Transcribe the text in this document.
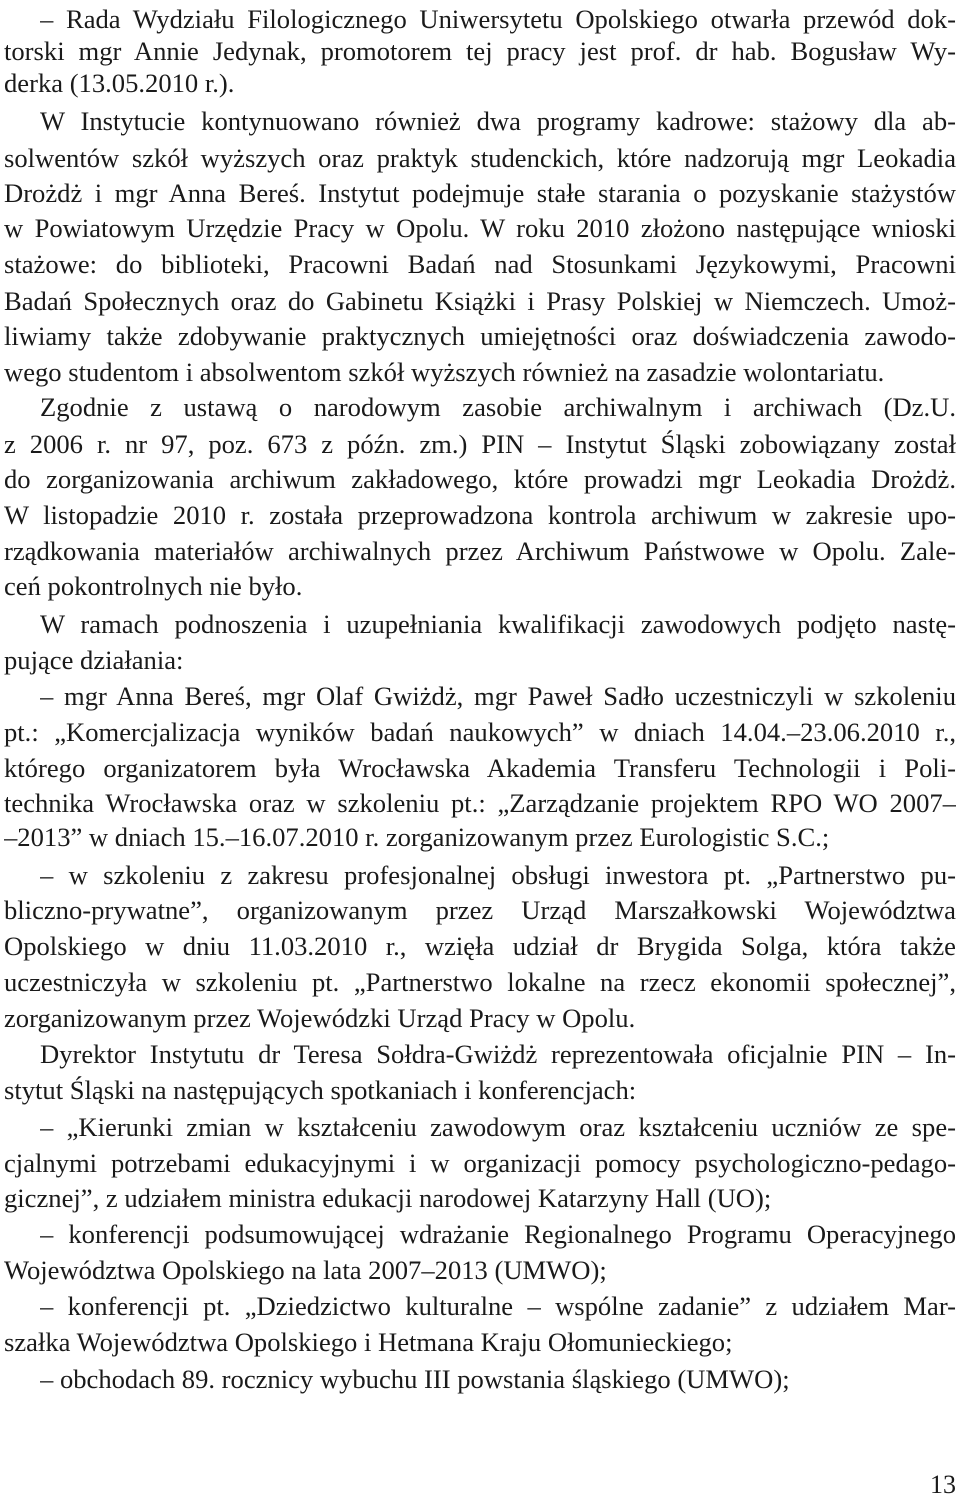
– Rada Wydziału Filologicznego Uniwersytetu Opolskiego otwarła przewód dok-
torski mgr Annie Jedynak, promotorem tej pracy jest prof. dr hab. Bogusław Wy-
derka (13.05.2010 r.).
W Instytucie kontynuowano również dwa programy kadrowe: stażowy dla ab-
solwentów szkół wyższych oraz praktyk studenckich, które nadzorują mgr Leokadia
Drożdż i mgr Anna Bereś. Instytut podejmuje stałe starania o pozyskanie stażystów
w Powiatowym Urzędzie Pracy w Opolu. W roku 2010 złożono następujące wnioski
stażowe: do biblioteki, Pracowni Badań nad Stosunkami Językowymi, Pracowni
Badań Społecznych oraz do Gabinetu Książki i Prasy Polskiej w Niemczech. Umoż-
liwiamy także zdobywanie praktycznych umiejętności oraz doświadczenia zawodo-
wego studentom i absolwentom szkół wyższych również na zasadzie wolontariatu.
Zgodnie z ustawą o narodowym zasobie archiwalnym i archiwach (Dz.U.
z 2006 r. nr 97, poz. 673 z późn. zm.) PIN – Instytut Śląski zobowiązany został
do zorganizowania archiwum zakładowego, które prowadzi mgr Leokadia Drożdż.
W listopadzie 2010 r. została przeprowadzona kontrola archiwum w zakresie upo-
rządkowania materiałów archiwalnych przez Archiwum Państwowe w Opolu. Zale-
ceń pokontrolnych nie było.
W ramach podnoszenia i uzupełniania kwalifikacji zawodowych podjęto nastę-
pujące działania:
– mgr Anna Bereś, mgr Olaf Gwiżdż, mgr Paweł Sadło uczestniczyli w szkoleniu
pt.: „Komercjalizacja wyników badań naukowych” w dniach 14.04.–23.06.2010 r.,
którego organizatorem była Wrocławska Akademia Transferu Technologii i Poli-
technika Wrocławska oraz w szkoleniu pt.: „Zarządzanie projektem RPO WO 2007–
–2013” w dniach 15.–16.07.2010 r. zorganizowanym przez Eurologistic S.C.;
– w szkoleniu z zakresu profesjonalnej obsługi inwestora pt. „Partnerstwo pu-
bliczno-prywatne”, organizowanym przez Urząd Marszałkowski Województwa
Opolskiego w dniu 11.03.2010 r., wzięła udział dr Brygida Solga, która także
uczestniczyła w szkoleniu pt. „Partnerstwo lokalne na rzecz ekonomii społecznej”,
zorganizowanym przez Wojewódzki Urząd Pracy w Opolu.
Dyrektor Instytutu dr Teresa Sołdra-Gwiżdż reprezentowała oficjalnie PIN – In-
stytut Śląski na następujących spotkaniach i konferencjach:
– „Kierunki zmian w kształceniu zawodowym oraz kształceniu uczniów ze spe-
cjalnymi potrzebami edukacyjnymi i w organizacji pomocy psychologiczno-pedago-
gicznej”, z udziałem ministra edukacji narodowej Katarzyny Hall (UO);
– konferencji podsumowującej wdrażanie Regionalnego Programu Operacyjnego
Województwa Opolskiego na lata 2007–2013 (UMWO);
– konferencji pt. „Dziedzictwo kulturalne – wspólne zadanie” z udziałem Mar-
szałka Województwa Opolskiego i Hetmana Kraju Ołomunieckiego;
– obchodach 89. rocznicy wybuchu III powstania śląskiego (UMWO);
13
